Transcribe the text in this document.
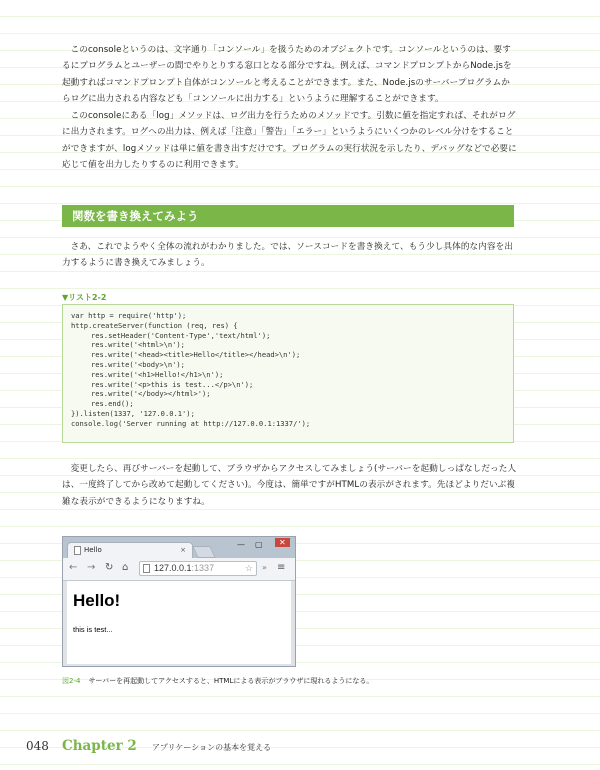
このconsoleというのは、文字通り「コンソール」を扱うためのオブジェクトです。コンソールというのは、要するにプログラムとユーザーの間でやりとりする窓口となる部分ですね。例えば、コマンドプロンプトからNode.jsを起動すればコマンドプロンプト自体がコンソールと考えることができます。また、Node.jsのサーバープログラムからログに出力される内容なども「コンソールに出力する」というように理解することができます。

このconsoleにある「log」メソッドは、ログ出力を行うためのメソッドです。引数に値を指定すれば、それがログに出力されます。ログへの出力は、例えば「注意」「警告」「エラー」というようにいくつかのレベル分けをすることができますが、logメソッドは単に値を書き出すだけです。プログラムの実行状況を示したり、デバッグなどで必要に応じて値を出力したりするのに利用できます。

関数を書き換えてみよう

さあ、これでようやく全体の流れがわかりました。では、ソースコードを書き換えて、もう少し具体的な内容を出力するように書き換えてみましょう。

▼リスト2-2
var http = require('http');
http.createServer(function (req, res) {
res.setHeader('Content-Type','text/html');
res.write('<html>\n');
res.write('<head><title>Hello</title></head>\n');
res.write('<body>\n');
res.write('<h1>Hello!</h1>\n');
res.write('<p>this is test...</p>\n');
res.write('</body></html>');
res.end();
}).listen(1337, '127.0.0.1');
console.log('Server running at http://127.0.0.1:1337/');

変更したら、再びサーバーを起動して、ブラウザからアクセスしてみましょう(サーバーを起動しっぱなしだった人は、一度終了してから改めて起動してください)。今度は、簡単ですがHTMLの表示がされます。先ほどよりだいぶ複雑な表示ができるようになりますね。

Hello	×
— ▢	✕
← → ↻ ⌂	127.0.0.1:1337	☆ » ≡
Hello!
this is test...
図2-4 サーバーを再起動してアクセスすると、HTMLによる表示がブラウザに現れるようになる。
048 Chapter 2 アプリケーションの基本を覚える
